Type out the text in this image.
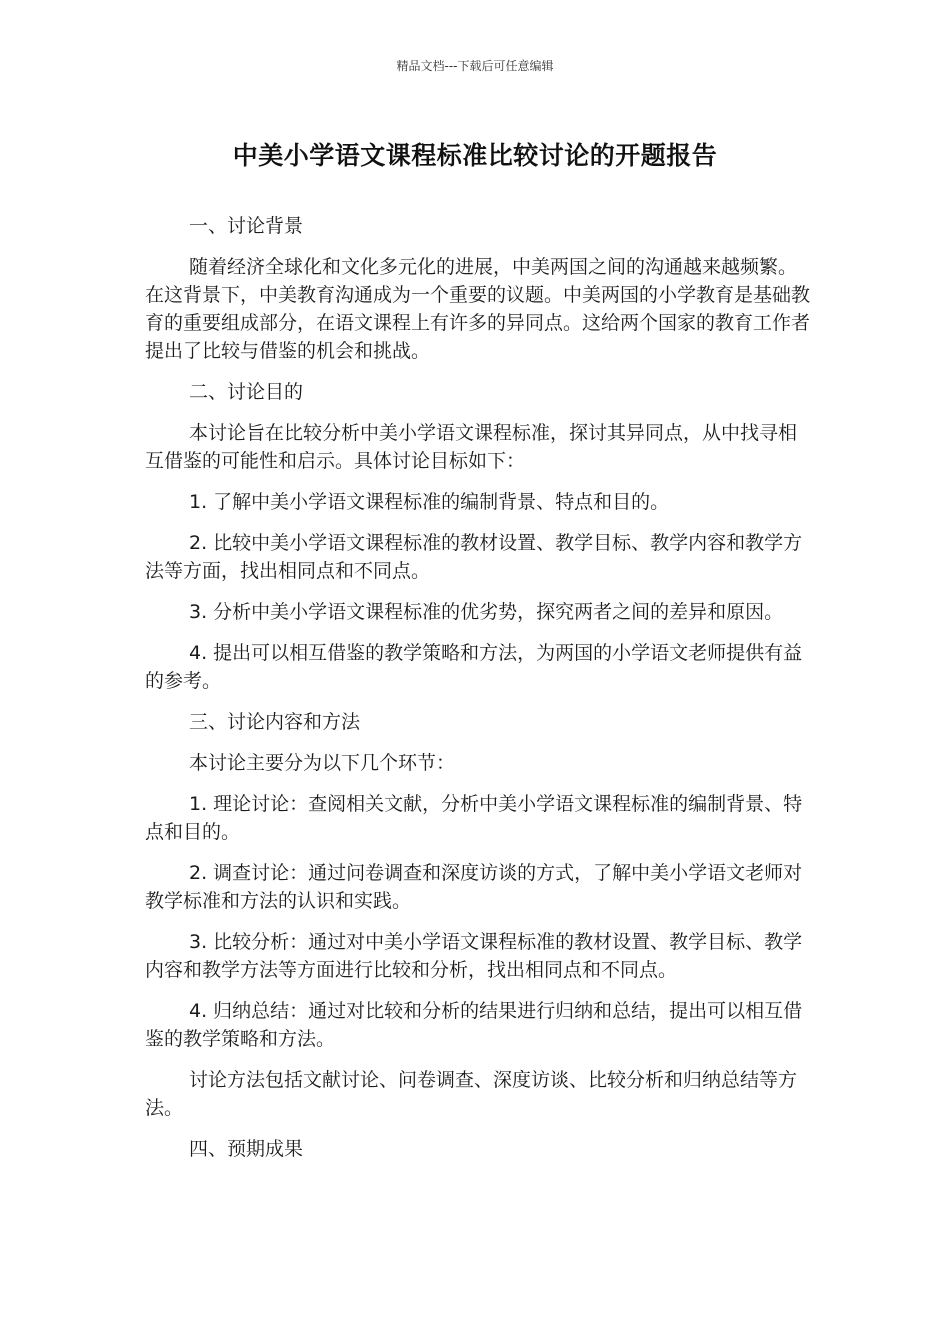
精品文档---下载后可任意编辑
中美小学语文课程标准比较讨论的开题报告

一、讨论背景

随着经济全球化和文化多元化的进展，中美两国之间的沟通越来越频繁。在这背景下，中美教育沟通成为一个重要的议题。中美两国的小学教育是基础教育的重要组成部分，在语文课程上有许多的异同点。这给两个国家的教育工作者提出了比较与借鉴的机会和挑战。

二、讨论目的

本讨论旨在比较分析中美小学语文课程标准，探讨其异同点，从中找寻相互借鉴的可能性和启示。具体讨论目标如下：

1. 了解中美小学语文课程标准的编制背景、特点和目的。

2. 比较中美小学语文课程标准的教材设置、教学目标、教学内容和教学方法等方面，找出相同点和不同点。

3. 分析中美小学语文课程标准的优劣势，探究两者之间的差异和原因。

4. 提出可以相互借鉴的教学策略和方法，为两国的小学语文老师提供有益的参考。

三、讨论内容和方法

本讨论主要分为以下几个环节：

1. 理论讨论：查阅相关文献，分析中美小学语文课程标准的编制背景、特点和目的。

2. 调查讨论：通过问卷调查和深度访谈的方式，了解中美小学语文老师对教学标准和方法的认识和实践。

3. 比较分析：通过对中美小学语文课程标准的教材设置、教学目标、教学内容和教学方法等方面进行比较和分析，找出相同点和不同点。

4. 归纳总结：通过对比较和分析的结果进行归纳和总结，提出可以相互借鉴的教学策略和方法。

讨论方法包括文献讨论、问卷调查、深度访谈、比较分析和归纳总结等方法。

四、预期成果
